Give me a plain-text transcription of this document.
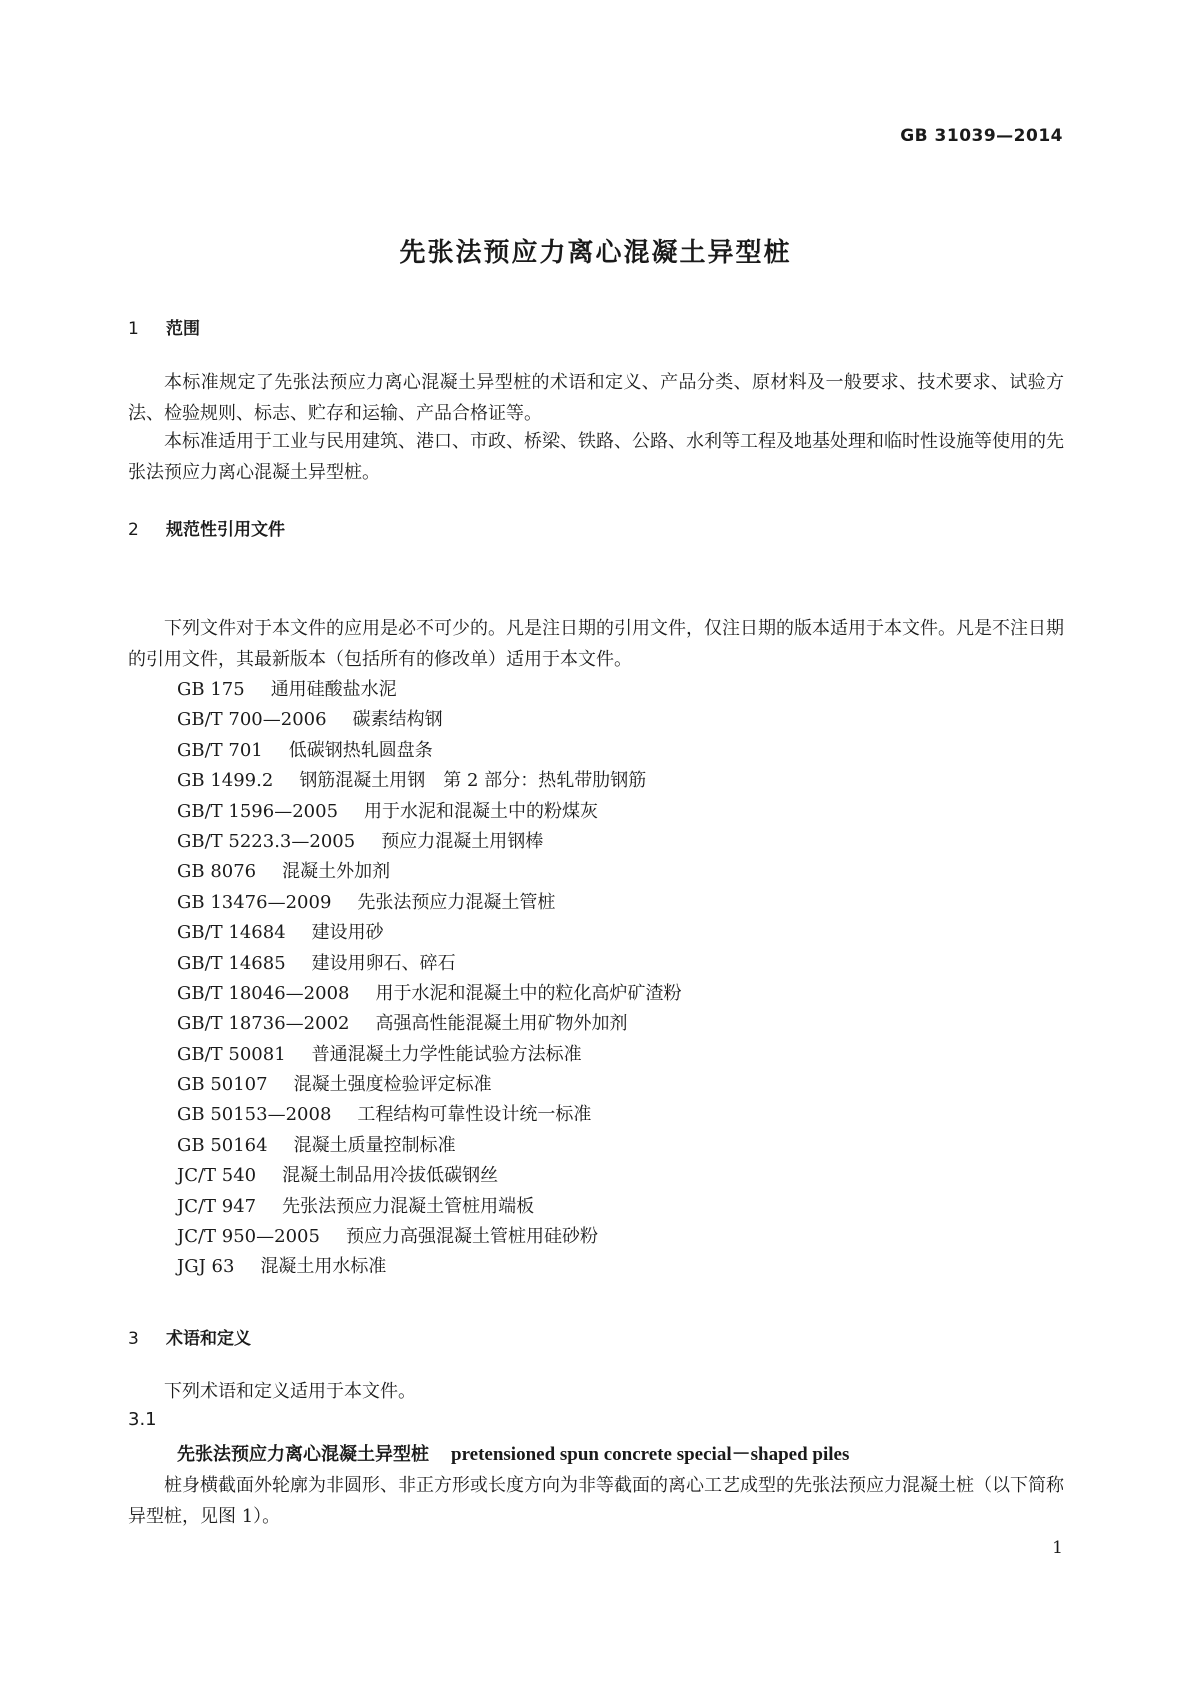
GB 31039—2014
先张法预应力离心混凝土异型桩
1 范围

本标准规定了先张法预应力离心混凝土异型桩的术语和定义、产品分类、原材料及一般要求、技术要求、试验方法、检验规则、标志、贮存和运输、产品合格证等。

本标准适用于工业与民用建筑、港口、市政、桥梁、铁路、公路、水利等工程及地基处理和临时性设施等使用的先张法预应力离心混凝土异型桩。

2 规范性引用文件

下列文件对于本文件的应用是必不可少的。凡是注日期的引用文件，仅注日期的版本适用于本文件。凡是不注日期的引用文件，其最新版本（包括所有的修改单）适用于本文件。

GB 175 通用硅酸盐水泥
GB/T 700—2006 碳素结构钢
GB/T 701 低碳钢热轧圆盘条
GB 1499.2 钢筋混凝土用钢　第 2 部分：热轧带肋钢筋
GB/T 1596—2005 用于水泥和混凝土中的粉煤灰
GB/T 5223.3—2005 预应力混凝土用钢棒
GB 8076 混凝土外加剂
GB 13476—2009 先张法预应力混凝土管桩
GB/T 14684 建设用砂
GB/T 14685 建设用卵石、碎石
GB/T 18046—2008 用于水泥和混凝土中的粒化高炉矿渣粉
GB/T 18736—2002 高强高性能混凝土用矿物外加剂
GB/T 50081 普通混凝土力学性能试验方法标准
GB 50107 混凝土强度检验评定标准
GB 50153—2008 工程结构可靠性设计统一标准
GB 50164 混凝土质量控制标准
JC/T 540 混凝土制品用冷拔低碳钢丝
JC/T 947 先张法预应力混凝土管桩用端板
JC/T 950—2005 预应力高强混凝土管桩用硅砂粉
JGJ 63 混凝土用水标准
3 术语和定义

下列术语和定义适用于本文件。

3.1
先张法预应力离心混凝土异型桩 pretensioned spun concrete special－shaped piles

桩身横截面外轮廓为非圆形、非正方形或长度方向为非等截面的离心工艺成型的先张法预应力混凝土桩（以下简称异型桩，见图 1）。

1
